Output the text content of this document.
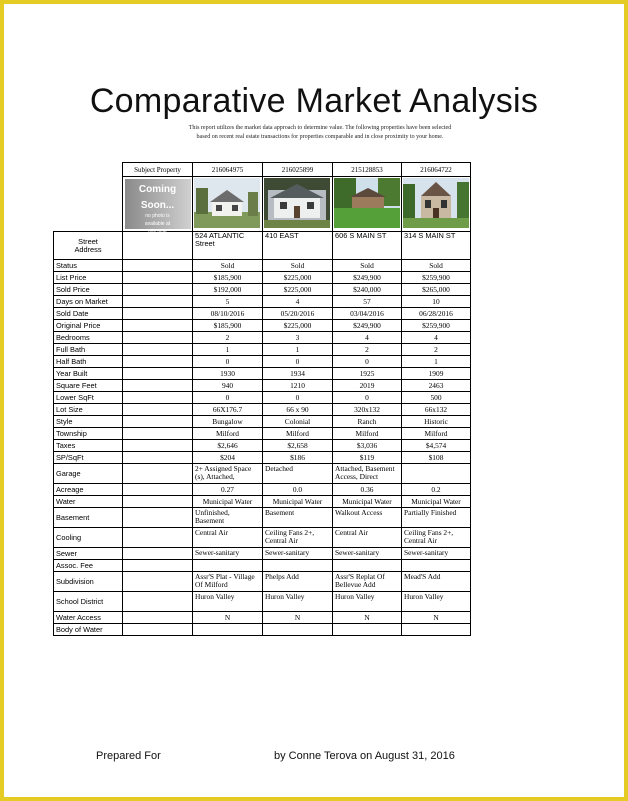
Comparative Market Analysis
This report utilizes the market data approach to determine value. The following properties have been selected
based on recent real estate transactions for properties comparable and in close proximity to your home.
	Subject Property	216064975	216025899	215128853	216064722

	Coming
Soon...
no photo is
available at
this time

Street
Address		524 ATLANTIC Street	410 EAST	606 S MAIN ST	314 S MAIN ST
Status		Sold	Sold	Sold	Sold
List Price		$185,900	$225,000	$249,900	$259,900
Sold Price		$192,000	$225,000	$240,000	$265,000
Days on Market		5	4	57	10
Sold Date		08/10/2016	05/20/2016	03/04/2016	06/28/2016
Original Price		$185,900	$225,000	$249,900	$259,900
Bedrooms		2	3	4	4
Full Bath		1	1	2	2
Half Bath		0	0	0	1
Year Built		1930	1934	1925	1909
Square Feet		940	1210	2019	2463
Lower SqFt		0	0	0	500
Lot Size		66X176.7	66 x 90	320x132	66x132
Style		Bungalow	Colonial	Ranch	Historic
Township		Milford	Milford	Milford	Milford
Taxes		$2,646	$2,658	$3,036	$4,574
SP/SqFt		$204	$186	$119	$108
Garage		2+ Assigned Space (s), Attached,	Detached	Attached, Basement Access, Direct	
Acreage		0.27	0.0	0.36	0.2
Water		Municipal Water	Municipal Water	Municipal Water	Municipal Water
Basement		Unfinished, Basement	Basement	Walkout Access	Partially Finished
Cooling		Central Air	Ceiling Fans 2+, Central Air	Central Air	Ceiling Fans 2+, Central Air
Sewer		Sewer-sanitary	Sewer-sanitary	Sewer-sanitary	Sewer-sanitary
Assoc. Fee					
Subdivision		Assr'S Plat - Village Of Milford	Phelps Add	Assr'S Replat Of Bellevue Add	Mead'S Add
School District		Huron Valley	Huron Valley	Huron Valley	Huron Valley
Water Access		N	N	N	N
Body of Water					
Prepared For	by Conne Terova on August 31, 2016
